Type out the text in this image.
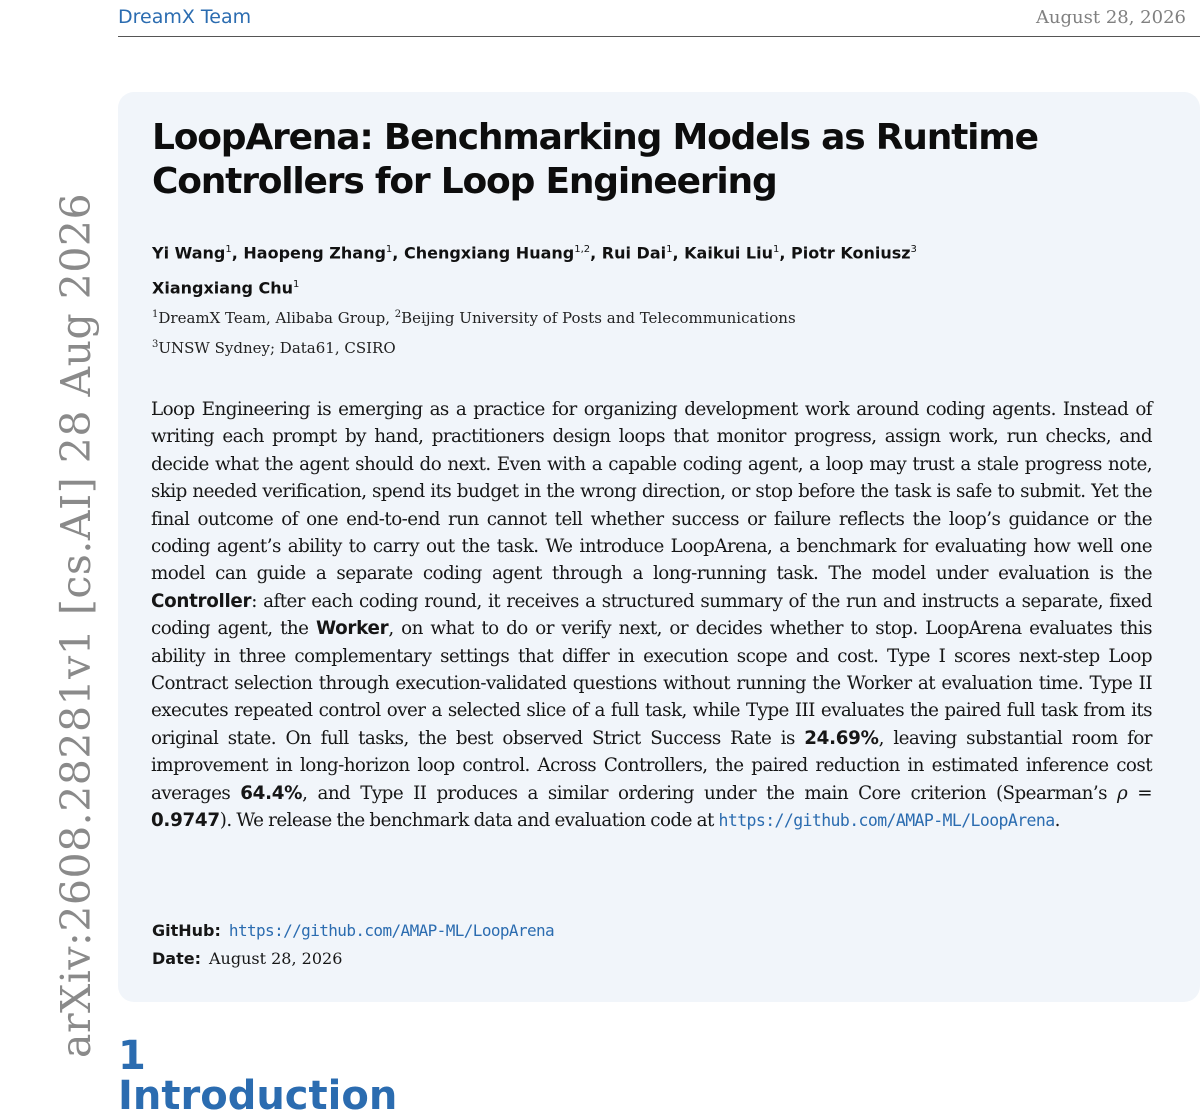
DreamX Team	August 28, 2026
arXiv:2608.28281v1 [cs.AI] 28 Aug 2026
LoopArena: Benchmarking Models as Runtime Controllers for Loop Engineering
Yi Wang$^1$, Haopeng Zhang$^1$, Chengxiang Huang$^{1,2}$, Rui Dai$^1$, Kaikui Liu$^1$, Piotr Koniusz$^3$
Xiangxiang Chu$^1$
$^1$DreamX Team, Alibaba Group, $^2$Beijing University of Posts and Telecommunications
$^3$UNSW Sydney; Data61, CSIRO

Loop Engineering is emerging as a practice for organizing development work around coding agents. Instead of writing each prompt by hand, practitioners design loops that monitor progress, assign work, run checks, and decide what the agent should do next. Even with a capable coding agent, a loop may trust a stale progress note, skip needed verification, spend its budget in the wrong direction, or stop before the task is safe to submit. Yet the final outcome of one end-to-end run cannot tell whether success or failure reflects the loop’s guidance or the coding agent’s ability to carry out the task. We introduce LoopArena, a benchmark for evaluating how well one model can guide a separate coding agent through a long-running task. The model under evaluation is the Controller: after each coding round, it receives a structured summary of the run and instructs a separate, fixed coding agent, the Worker, on what to do or verify next, or decides whether to stop. LoopArena evaluates this ability in three complementary settings that differ in execution scope and cost. Type I scores next-step Loop Contract selection through execution-validated questions without running the Worker at evaluation time. Type II executes repeated control over a selected slice of a full task, while Type III evaluates the paired full task from its original state. On full tasks, the best observed Strict Success Rate is 24.69%, leaving substantial room for improvement in long-horizon loop control. Across Controllers, the paired reduction in estimated inference cost averages 64.4%, and Type II produces a similar ordering under the main Core criterion (Spearman’s ρ = 0.9747). We release the benchmark data and evaluation code at https://github.com/AMAP-ML/LoopArena.

GitHub: https://github.com/AMAP-ML/LoopArena
Date: August 28, 2026
1 Introduction
